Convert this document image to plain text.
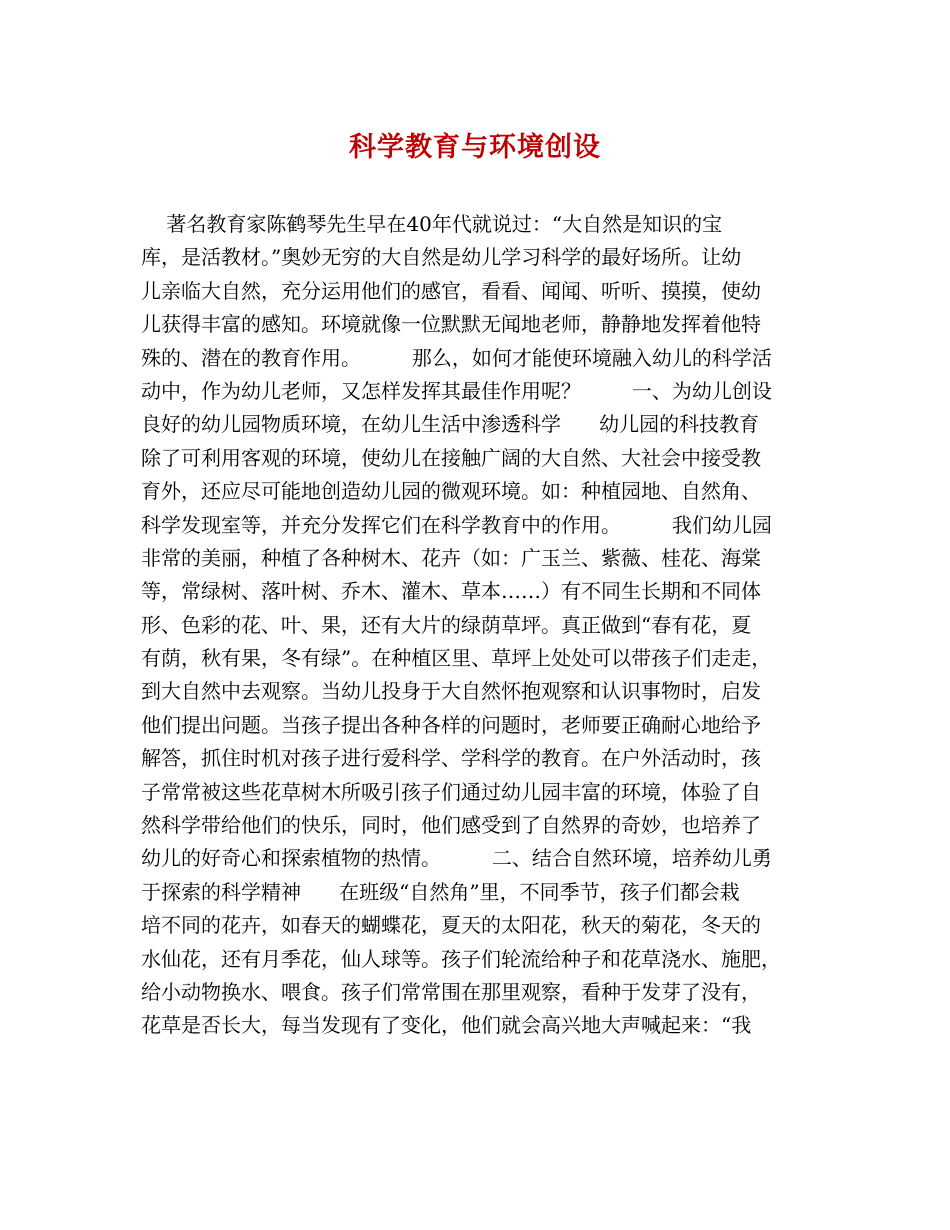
科学教育与环境创设
著名教育家陈鹤琴先生早在40年代就说过：“大自然是知识的宝
库，是活教材。”奥妙无穷的大自然是幼儿学习科学的最好场所。让幼
儿亲临大自然，充分运用他们的感官，看看、闻闻、听听、摸摸，使幼
儿获得丰富的感知。环境就像一位默默无闻地老师，静静地发挥着他特
殊的、潜在的教育作用。        那么，如何才能使环境融入幼儿的科学活
动中，作为幼儿老师，又怎样发挥其最佳作用呢？        一、为幼儿创设
良好的幼儿园物质环境，在幼儿生活中渗透科学      幼儿园的科技教育
除了可利用客观的环境，使幼儿在接触广阔的大自然、大社会中接受教
育外，还应尽可能地创造幼儿园的微观环境。如：种植园地、自然角、
科学发现室等，并充分发挥它们在科学教育中的作用。        我们幼儿园
非常的美丽，种植了各种树木、花卉（如：广玉兰、紫薇、桂花、海棠
等，常绿树、落叶树、乔木、灌木、草本……）有不同生长期和不同体
形、色彩的花、叶、果，还有大片的绿荫草坪。真正做到“春有花，夏
有荫，秋有果，冬有绿”。在种植区里、草坪上处处可以带孩子们走走，
到大自然中去观察。当幼儿投身于大自然怀抱观察和认识事物时，启发
他们提出问题。当孩子提出各种各样的问题时，老师要正确耐心地给予
解答，抓住时机对孩子进行爱科学、学科学的教育。在户外活动时，孩
子常常被这些花草树木所吸引孩子们通过幼儿园丰富的环境，体验了自
然科学带给他们的快乐，同时，他们感受到了自然界的奇妙，也培养了
幼儿的好奇心和探索植物的热情。        二、结合自然环境，培养幼儿勇
于探索的科学精神      在班级“自然角”里，不同季节，孩子们都会栽
培不同的花卉，如春天的蝴蝶花，夏天的太阳花，秋天的菊花，冬天的
水仙花，还有月季花，仙人球等。孩子们轮流给种子和花草浇水、施肥，
给小动物换水、喂食。孩子们常常围在那里观察，看种于发芽了没有，
花草是否长大，每当发现有了变化，他们就会高兴地大声喊起来：“我
